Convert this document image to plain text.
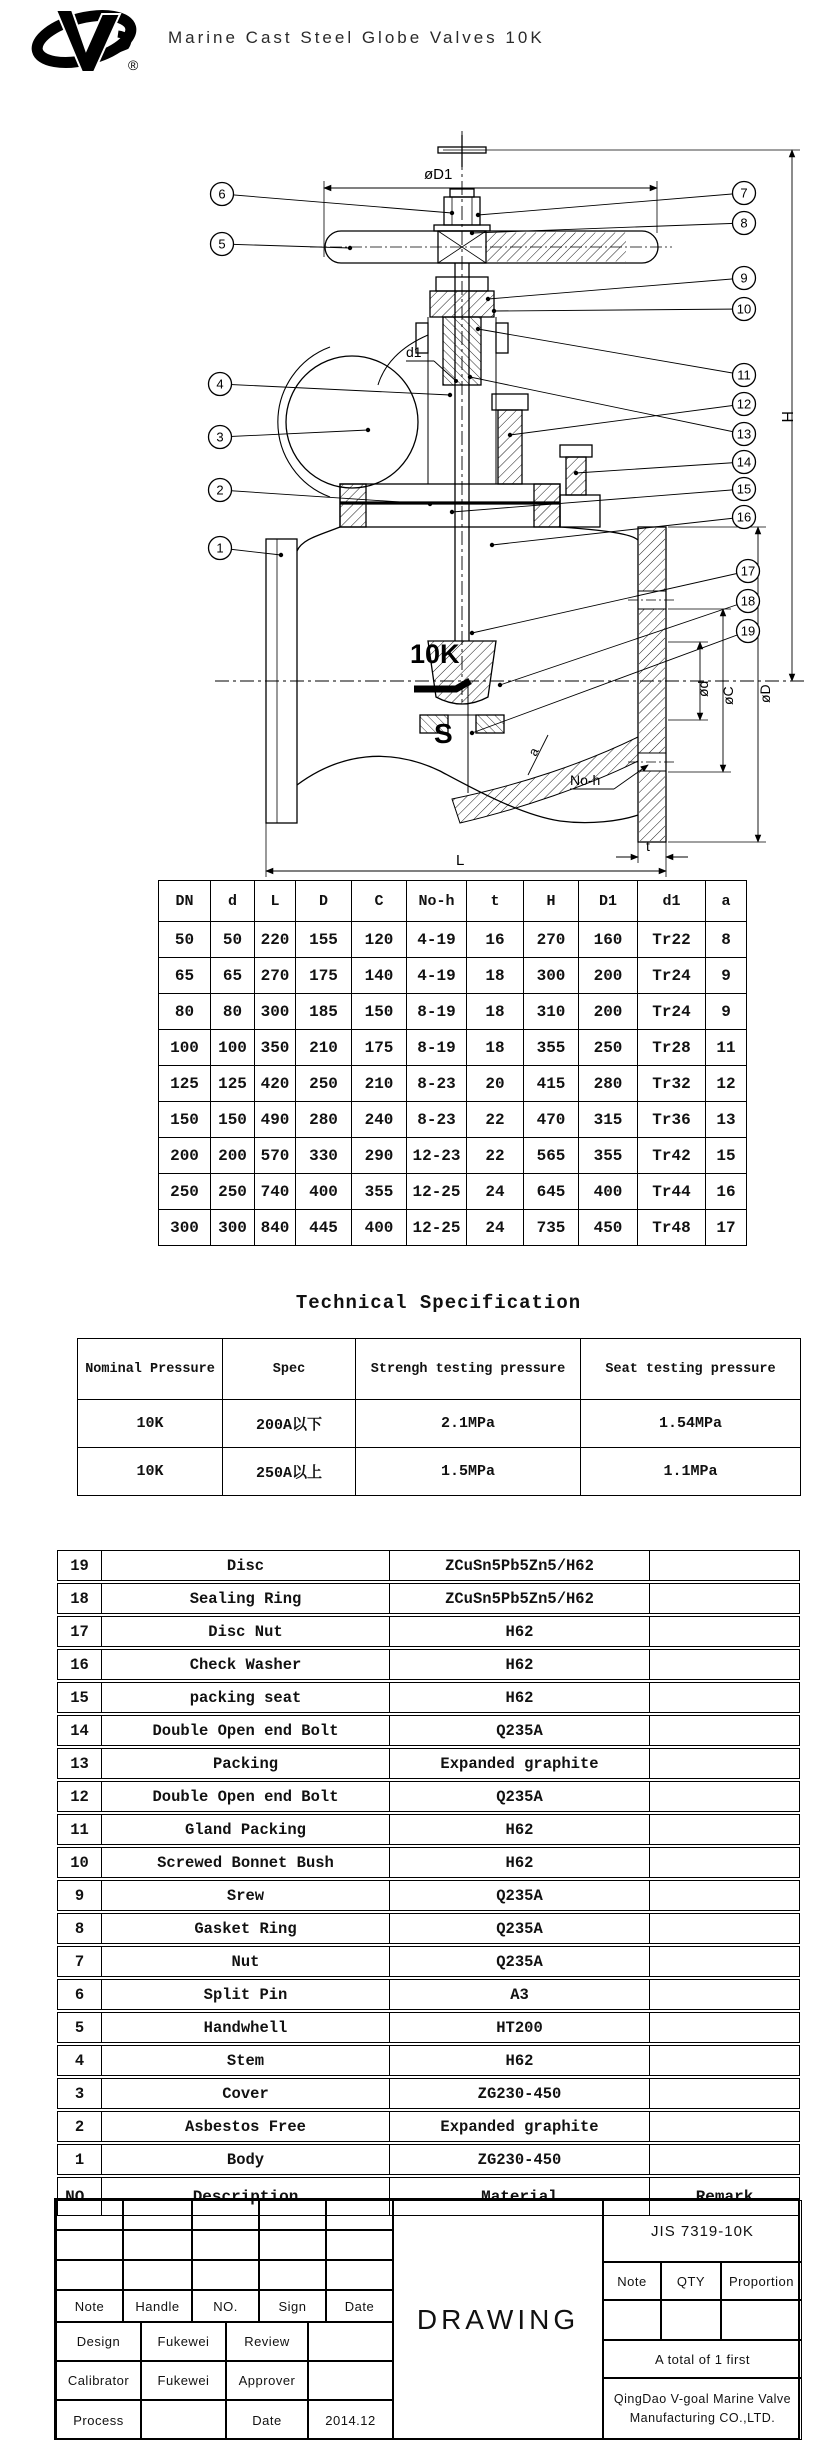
®
Marine Cast Steel Globe Valves 10K
øD1
d1
H
ød øC øD
No-h
t
L
a
10K
S
1
2
3
4
5
6	7
8
9
10
11
12
13
14
15
16
17
18
19
DN	d	L	D	C	No-h	t	H	D1	d1	a
50	50	220	155	120	4-19	16	270	160	Tr22	8
65	65	270	175	140	4-19	18	300	200	Tr24	9
80	80	300	185	150	8-19	18	310	200	Tr24	9
100	100	350	210	175	8-19	18	355	250	Tr28	11
125	125	420	250	210	8-23	20	415	280	Tr32	12
150	150	490	280	240	8-23	22	470	315	Tr36	13
200	200	570	330	290	12-23	22	565	355	Tr42	15
250	250	740	400	355	12-25	24	645	400	Tr44	16
300	300	840	445	400	12-25	24	735	450	Tr48	17
Technical Specification
Nominal Pressure	Spec	Strengh testing pressure	Seat testing pressure
10K	200A以下	2.1MPa	1.54MPa
10K	250A以上	1.5MPa	1.1MPa
19	Disc	ZCuSn5Pb5Zn5/H62	
18	Sealing Ring	ZCuSn5Pb5Zn5/H62	
17	Disc Nut	H62	
16	Check Washer	H62	
15	packing seat	H62	
14	Double Open end Bolt	Q235A	
13	Packing	Expanded graphite	
12	Double Open end Bolt	Q235A	
11	Gland Packing	H62	
10	Screwed Bonnet Bush	H62	
9	Srew	Q235A	
8	Gasket Ring	Q235A	
7	Nut	Q235A	
6	Split Pin	A3	
5	Handwhell	HT200	
4	Stem	H62	
3	Cover	ZG230-450	
2	Asbestos Free	Expanded graphite	
1	Body	ZG230-450	
NO.	Description	Material	Remark
Note	Handle	NO.	Sign	Date
Design	Fukewei	Review
Calibrator	Fukewei	Approver
Process	Date	2014.12
DRAWING
JIS 7319-10K
Note	QTY	Proportion
A total of 1 first
QingDao V-goal Marine Valve
Manufacturing CO.,LTD.
